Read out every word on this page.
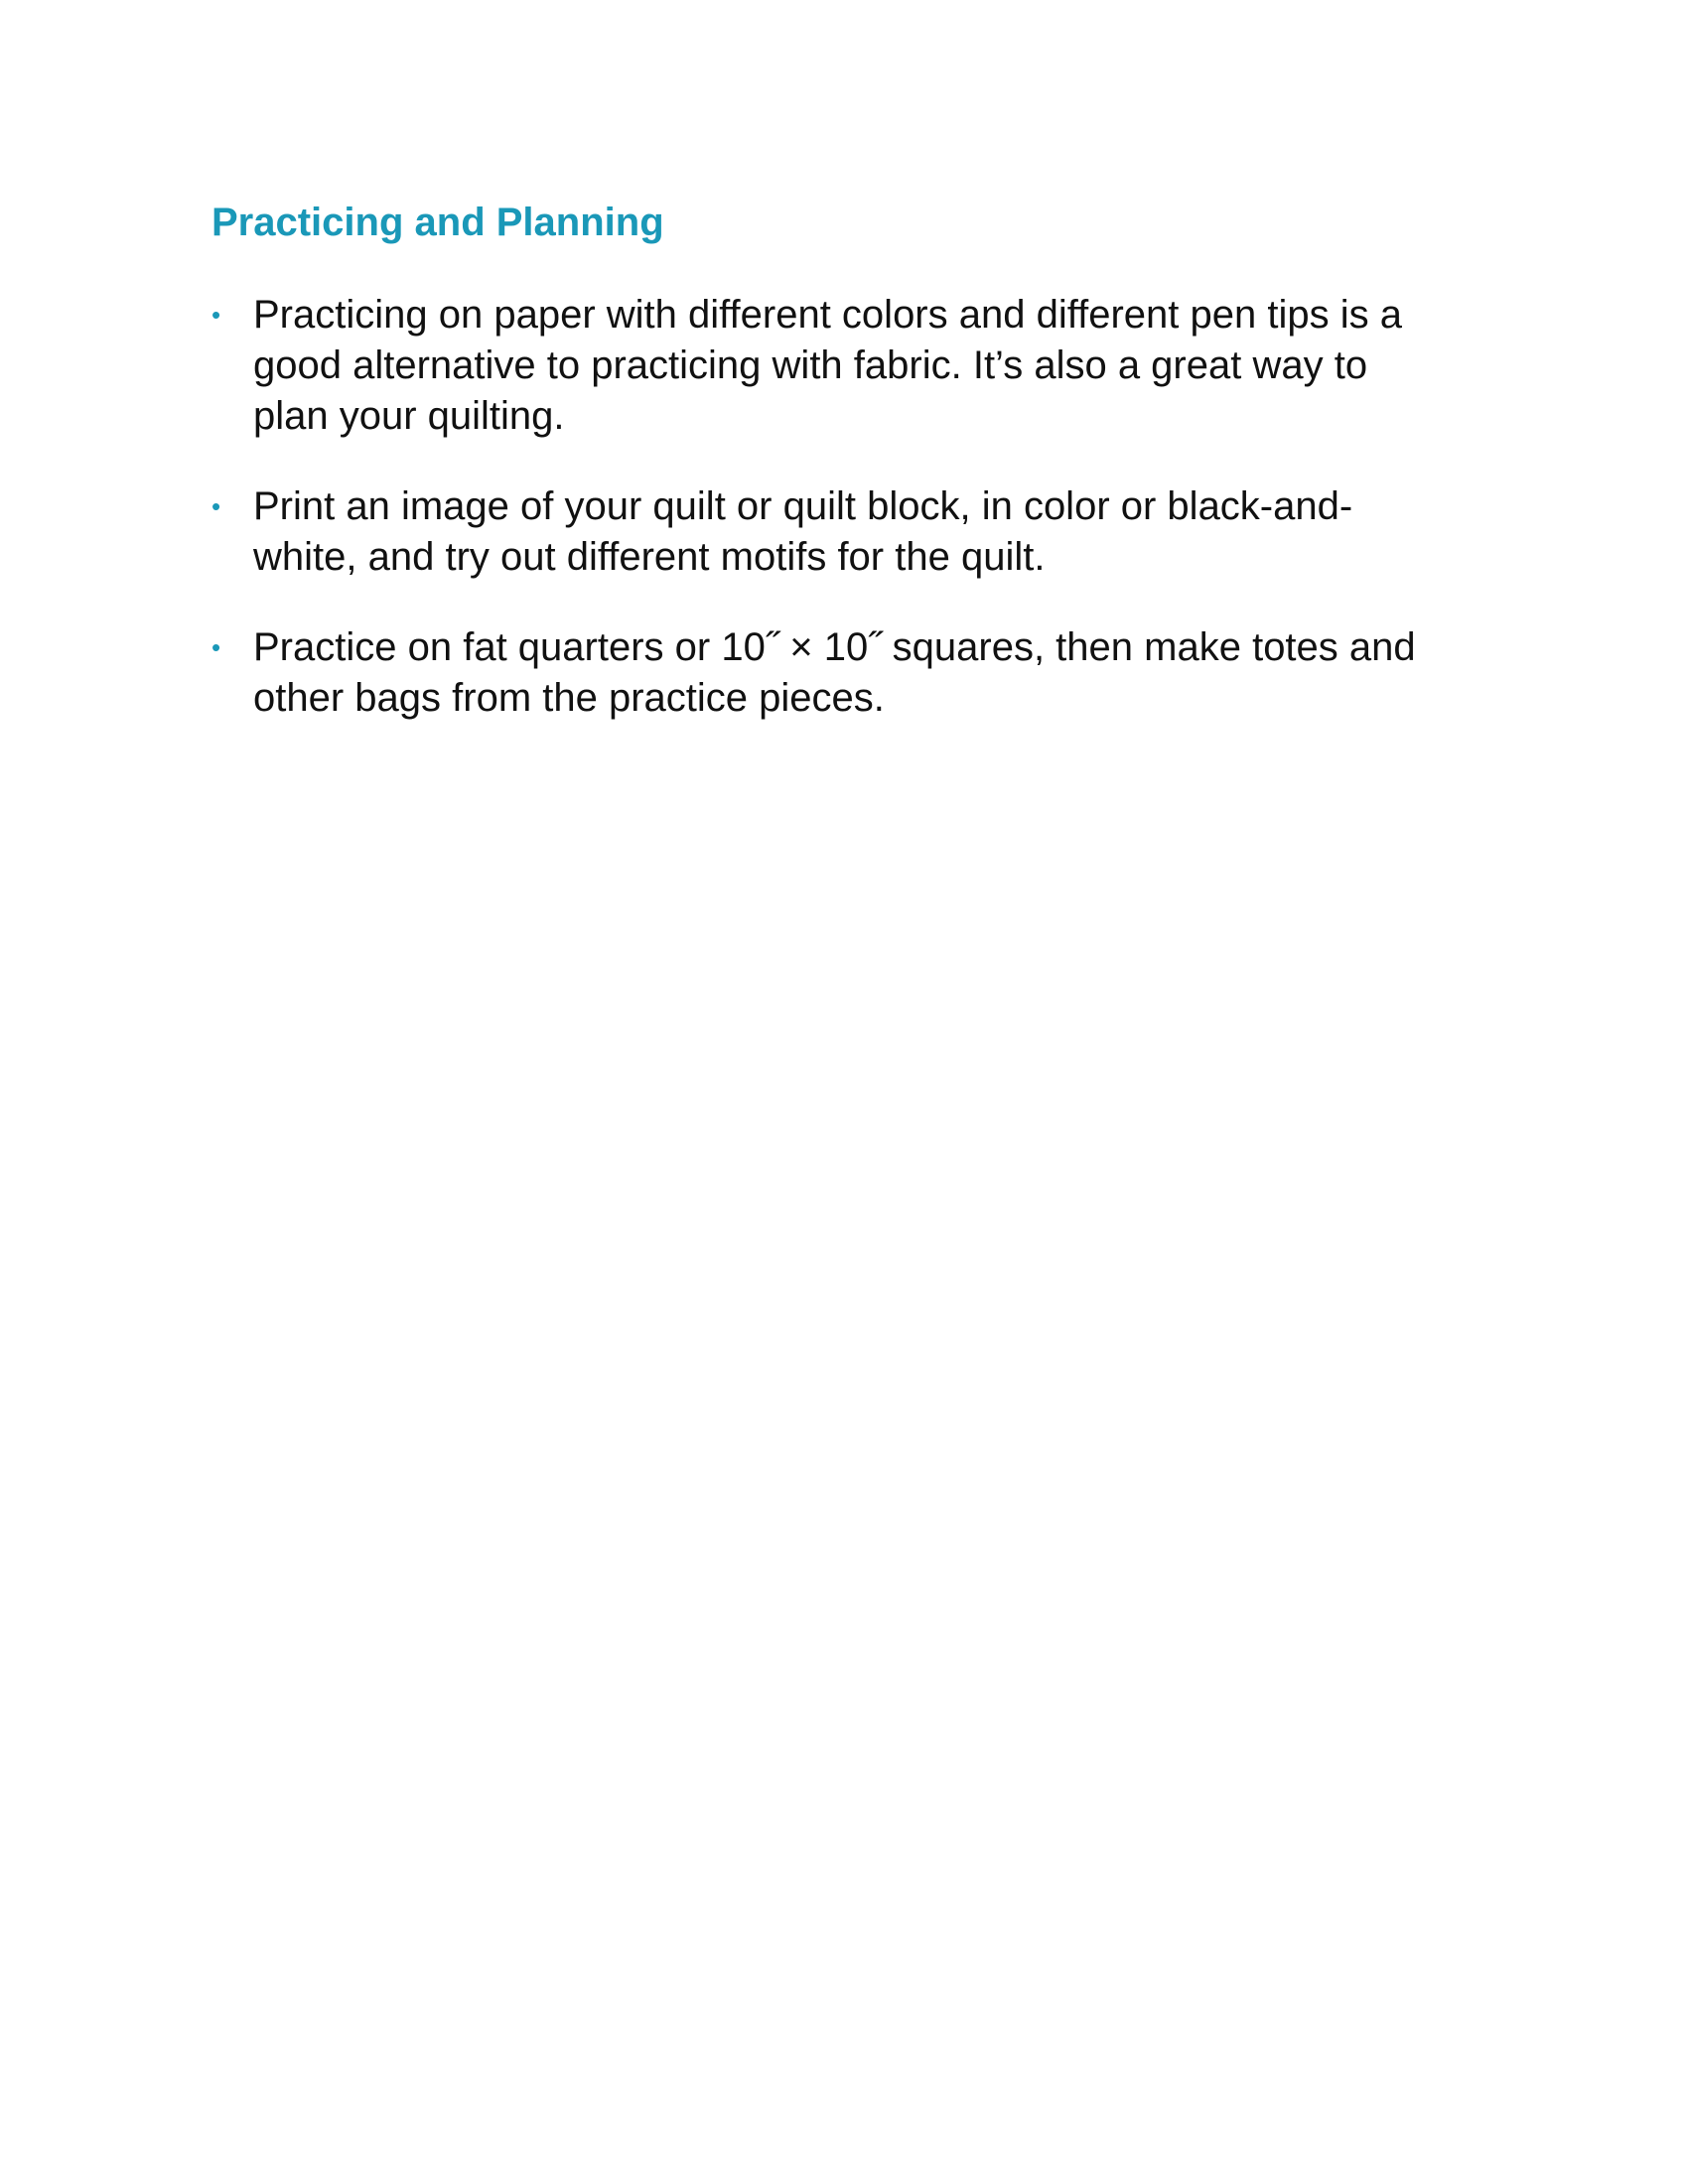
Practicing and Planning
• Practicing on paper with different colors and different pen tips is a
good alternative to practicing with fabric. It’s also a great way to
plan your quilting.
• Print an image of your quilt or quilt block, in color or black-and-
white, and try out different motifs for the quilt.
• Practice on fat quarters or 10˝ × 10˝ squares, then make totes and
other bags from the practice pieces.
